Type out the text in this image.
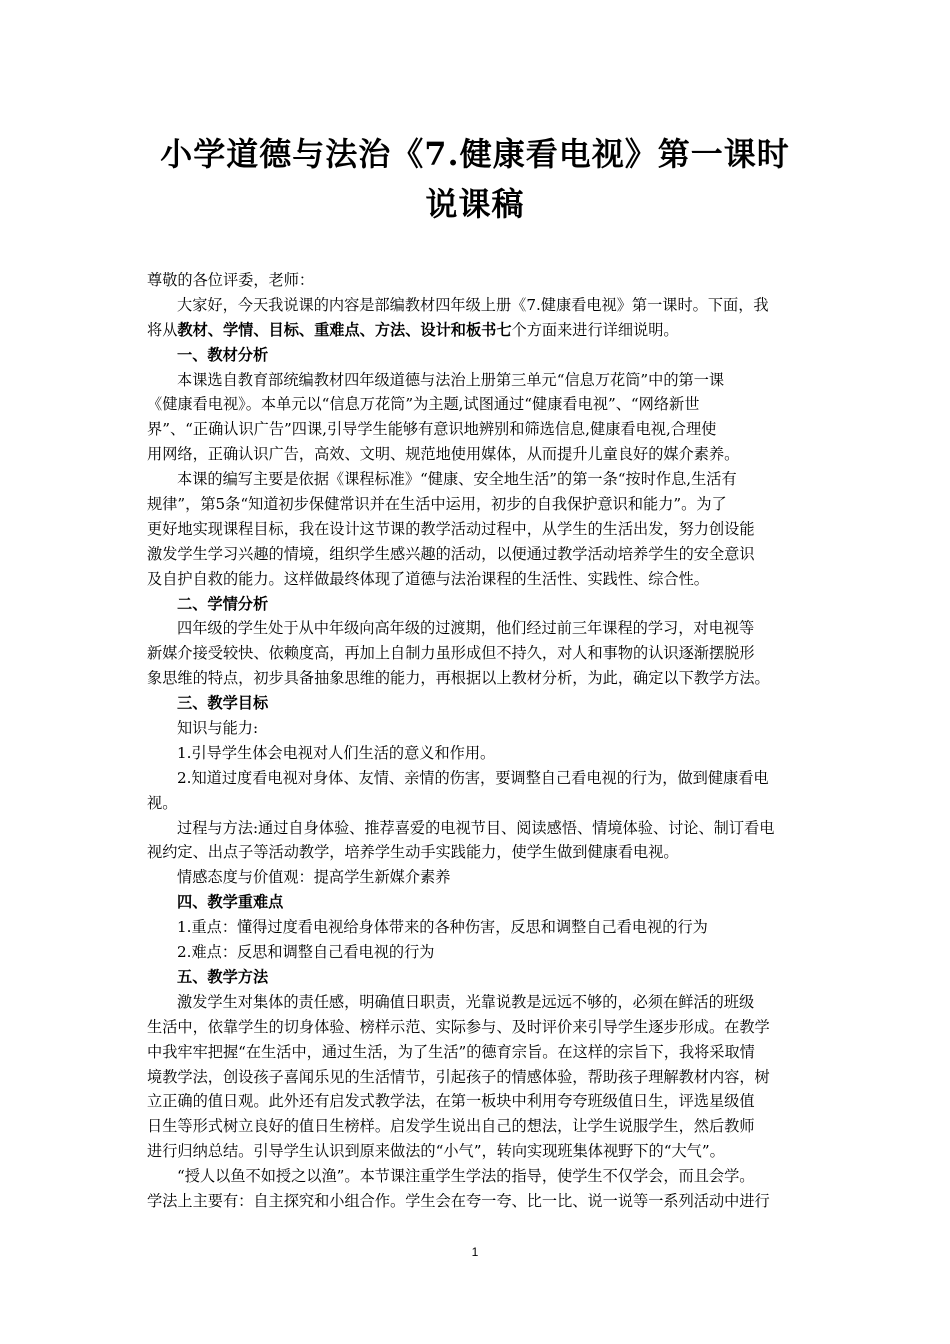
小学道德与法治《7.健康看电视》第一课时
说课稿
尊敬的各位评委，老师：
大家好，今天我说课的内容是部编教材四年级上册《7.健康看电视》第一课时。下面，我
将从教材、学情、目标、重难点、方法、设计和板书七个方面来进行详细说明。
一、教材分析
本课选自教育部统编教材四年级道德与法治上册第三单元“信息万花筒”中的第一课
《健康看电视》。本单元以“信息万花筒”为主题,试图通过“健康看电视”、“网络新世
界”、“正确认识广告”四课,引导学生能够有意识地辨别和筛选信息,健康看电视,合理使
用网络，正确认识广告，高效、文明、规范地使用媒体，从而提升儿童良好的媒介素养。
本课的编写主要是依据《课程标准》“健康、安全地生活”的第一条“按时作息,生活有
规律”，第5条“知道初步保健常识并在生活中运用，初步的自我保护意识和能力”。为了
更好地实现课程目标，我在设计这节课的教学活动过程中，从学生的生活出发，努力创设能
激发学生学习兴趣的情境，组织学生感兴趣的活动，以便通过教学活动培养学生的安全意识
及自护自救的能力。这样做最终体现了道德与法治课程的生活性、实践性、综合性。
二、学情分析
四年级的学生处于从中年级向高年级的过渡期，他们经过前三年课程的学习，对电视等
新媒介接受较快、依赖度高，再加上自制力虽形成但不持久，对人和事物的认识逐渐摆脱形
象思维的特点，初步具备抽象思维的能力，再根据以上教材分析，为此，确定以下教学方法。
三、教学目标
知识与能力:
1.引导学生体会电视对人们生活的意义和作用。
2.知道过度看电视对身体、友情、亲情的伤害，要调整自己看电视的行为，做到健康看电
视。
过程与方法:通过自身体验、推荐喜爱的电视节目、阅读感悟、情境体验、讨论、制订看电
视约定、出点子等活动教学，培养学生动手实践能力，使学生做到健康看电视。
情感态度与价值观：提高学生新媒介素养
四、教学重难点
1.重点：懂得过度看电视给身体带来的各种伤害，反思和调整自己看电视的行为
2.难点：反思和调整自己看电视的行为
五、教学方法
激发学生对集体的责任感，明确值日职责，光靠说教是远远不够的，必须在鲜活的班级
生活中，依靠学生的切身体验、榜样示范、实际参与、及时评价来引导学生逐步形成。在教学
中我牢牢把握“在生活中，通过生活，为了生活”的德育宗旨。在这样的宗旨下，我将采取情
境教学法，创设孩子喜闻乐见的生活情节，引起孩子的情感体验，帮助孩子理解教材内容，树
立正确的值日观。此外还有启发式教学法，在第一板块中利用夸夸班级值日生，评选星级值
日生等形式树立良好的值日生榜样。启发学生说出自己的想法，让学生说服学生，然后教师
进行归纳总结。引导学生认识到原来做法的“小气”，转向实现班集体视野下的“大气”。
“授人以鱼不如授之以渔”。本节课注重学生学法的指导，使学生不仅学会，而且会学。
学法上主要有：自主探究和小组合作。学生会在夸一夸、比一比、说一说等一系列活动中进行
1
